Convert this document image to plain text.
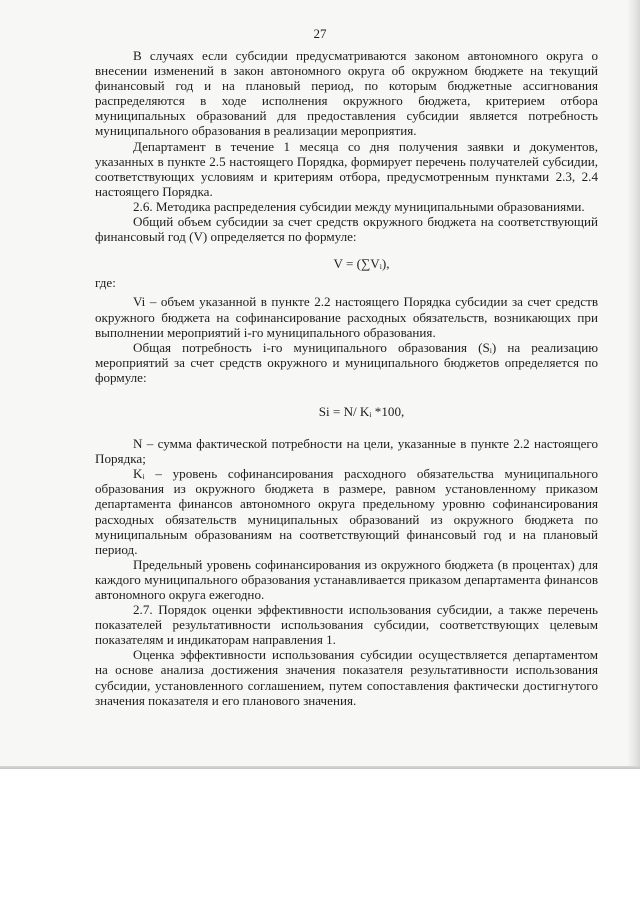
27

В случаях если субсидии предусматриваются законом автономного округа о внесении изменений в закон автономного округа об окружном бюджете на текущий финансовый год и на плановый период, по которым бюджетные ассигнования распределяются в ходе исполнения окружного бюджета, критерием отбора муниципальных образований для предоставления субсидии является потребность муниципального образования в реализации мероприятия.

Департамент в течение 1 месяца со дня получения заявки и документов, указанных в пункте 2.5 настоящего Порядка, формирует перечень получателей субсидии, соответствующих условиям и критериям отбора, предусмотренным пунктами 2.3, 2.4 настоящего Порядка.

2.6. Методика распределения субсидии между муниципальными образованиями.

Общий объем субсидии за счет средств окружного бюджета на соответствующий финансовый год (V) определяется по формуле:

V = (∑Vᵢ),

где:

Vi – объем указанной в пункте 2.2 настоящего Порядка субсидии за счет средств окружного бюджета на софинансирование расходных обязательств, возникающих при выполнении мероприятий i-го муниципального образования.

Общая потребность i-го муниципального образования (Sᵢ) на реализацию мероприятий за счет средств окружного и муниципального бюджетов определяется по формуле:

Si = N/ Kᵢ *100,

N – сумма фактической потребности на цели, указанные в пункте 2.2 настоящего Порядка;

Kᵢ – уровень софинансирования расходного обязательства муниципального образования из окружного бюджета в размере, равном установленному приказом департамента финансов автономного округа предельному уровню софинансирования расходных обязательств муниципальных образований из окружного бюджета по муниципальным образованиям на соответствующий финансовый год и на плановый период.

Предельный уровень софинансирования из окружного бюджета (в процентах) для каждого муниципального образования устанавливается приказом департамента финансов автономного округа ежегодно.

2.7. Порядок оценки эффективности использования субсидии, а также перечень показателей результативности использования субсидии, соответствующих целевым показателям и индикаторам направления 1.

Оценка эффективности использования субсидии осуществляется департаментом на основе анализа достижения значения показателя результативности использования субсидии, установленного соглашением, путем сопоставления фактически достигнутого значения показателя и его планового значения.
